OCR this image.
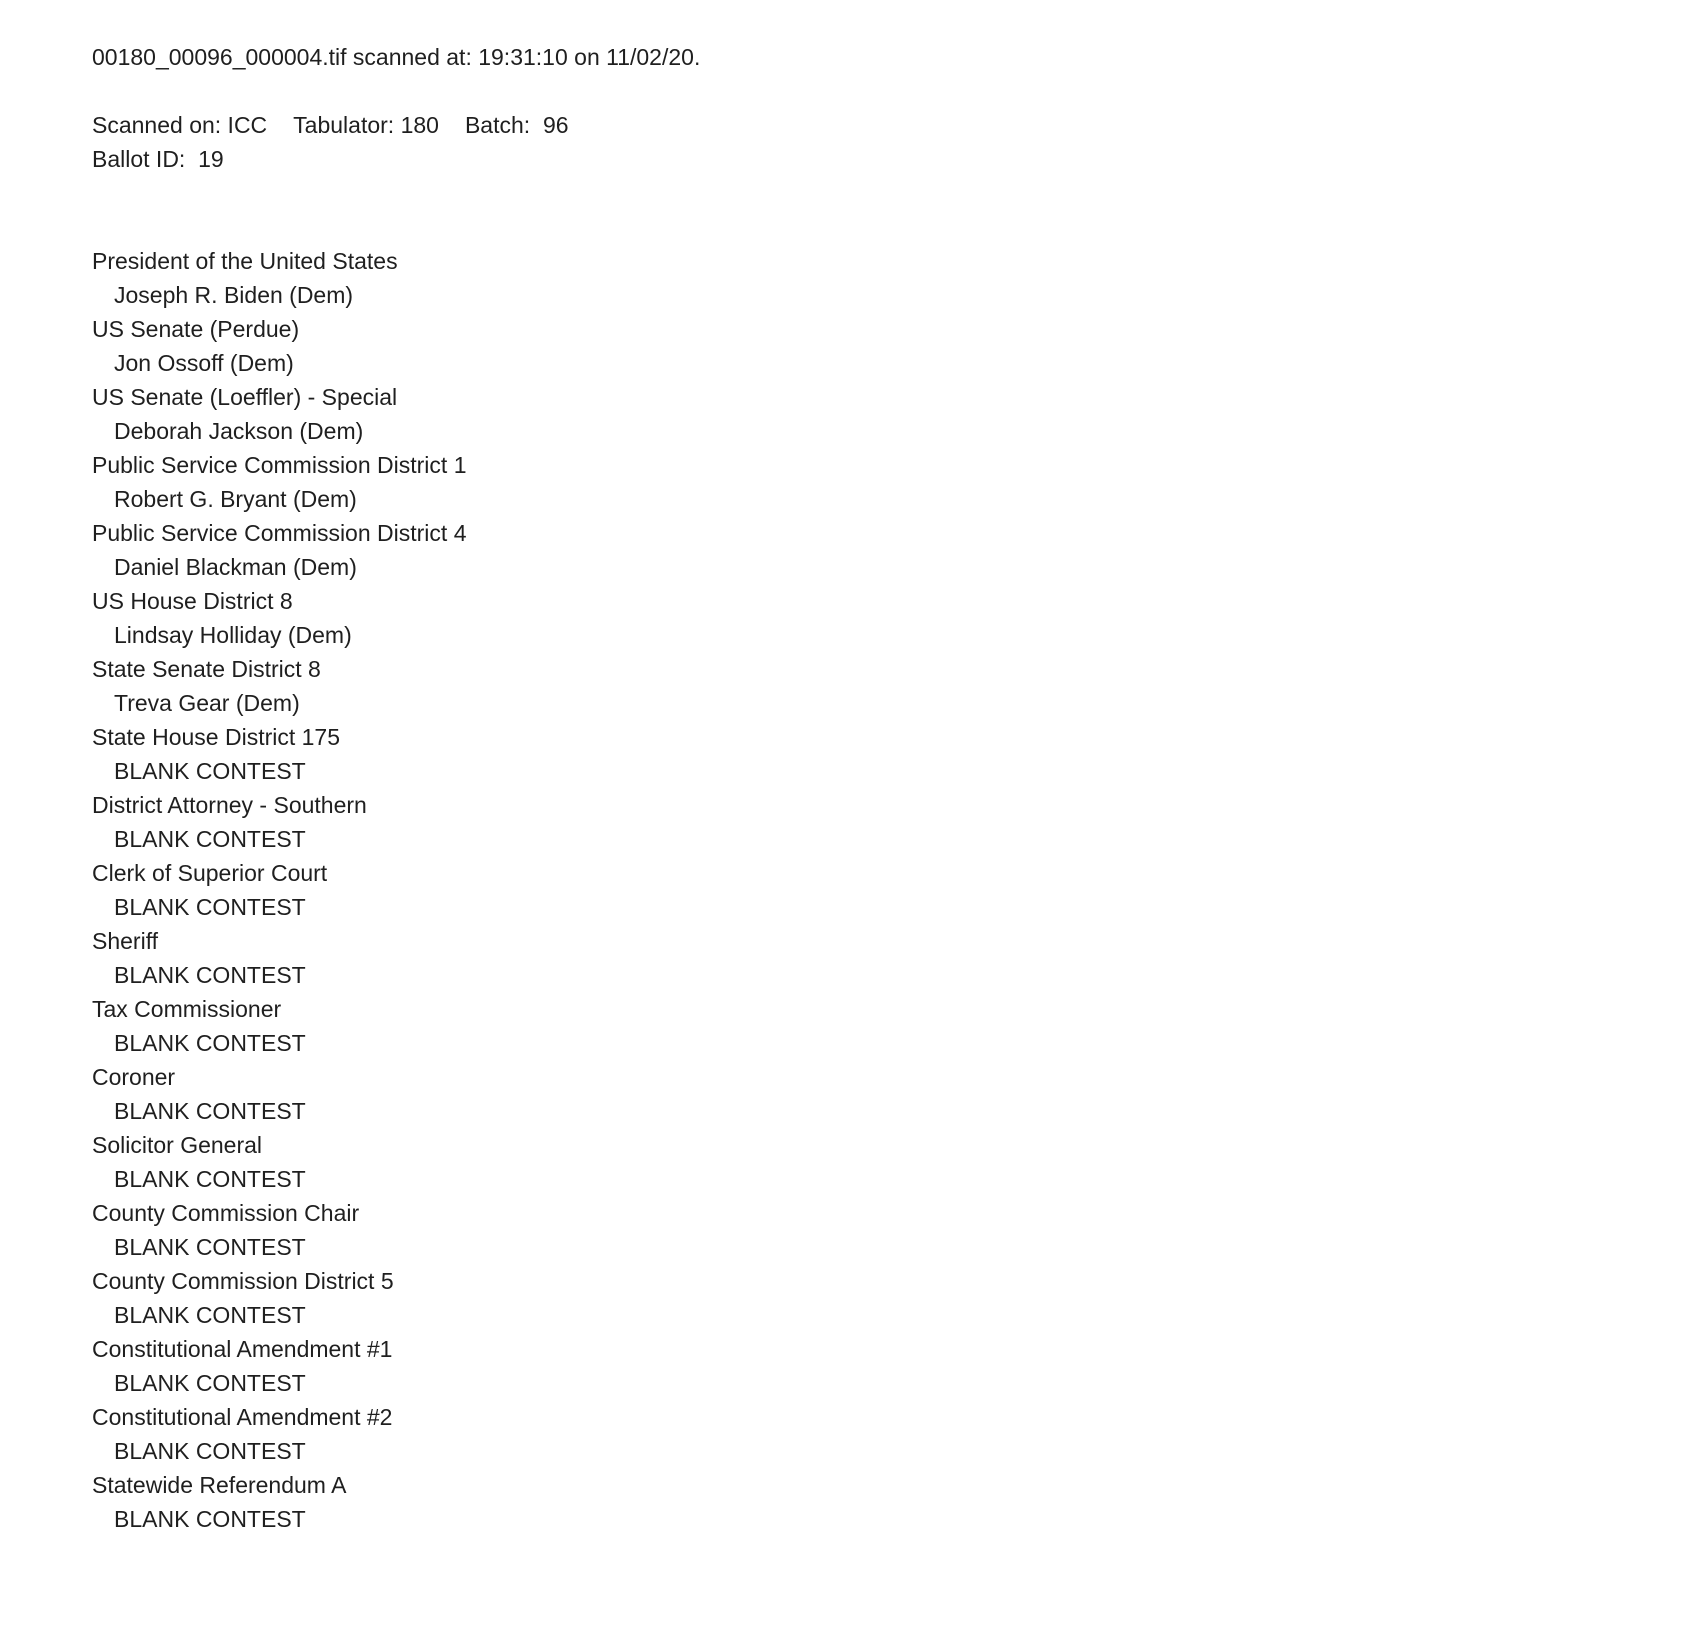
00180_00096_000004.tif scanned at: 19:31:10 on 11/02/20.
Scanned on: ICC Tabulator: 180 Batch:  96
Ballot ID:  19
President of the United States
Joseph R. Biden (Dem)
US Senate (Perdue)
Jon Ossoff (Dem)
US Senate (Loeffler) - Special
Deborah Jackson (Dem)
Public Service Commission District 1
Robert G. Bryant (Dem)
Public Service Commission District 4
Daniel Blackman (Dem)
US House District 8
Lindsay Holliday (Dem)
State Senate District 8
Treva Gear (Dem)
State House District 175
BLANK CONTEST
District Attorney - Southern
BLANK CONTEST
Clerk of Superior Court
BLANK CONTEST
Sheriff
BLANK CONTEST
Tax Commissioner
BLANK CONTEST
Coroner
BLANK CONTEST
Solicitor General
BLANK CONTEST
County Commission Chair
BLANK CONTEST
County Commission District 5
BLANK CONTEST
Constitutional Amendment #1
BLANK CONTEST
Constitutional Amendment #2
BLANK CONTEST
Statewide Referendum A
BLANK CONTEST
